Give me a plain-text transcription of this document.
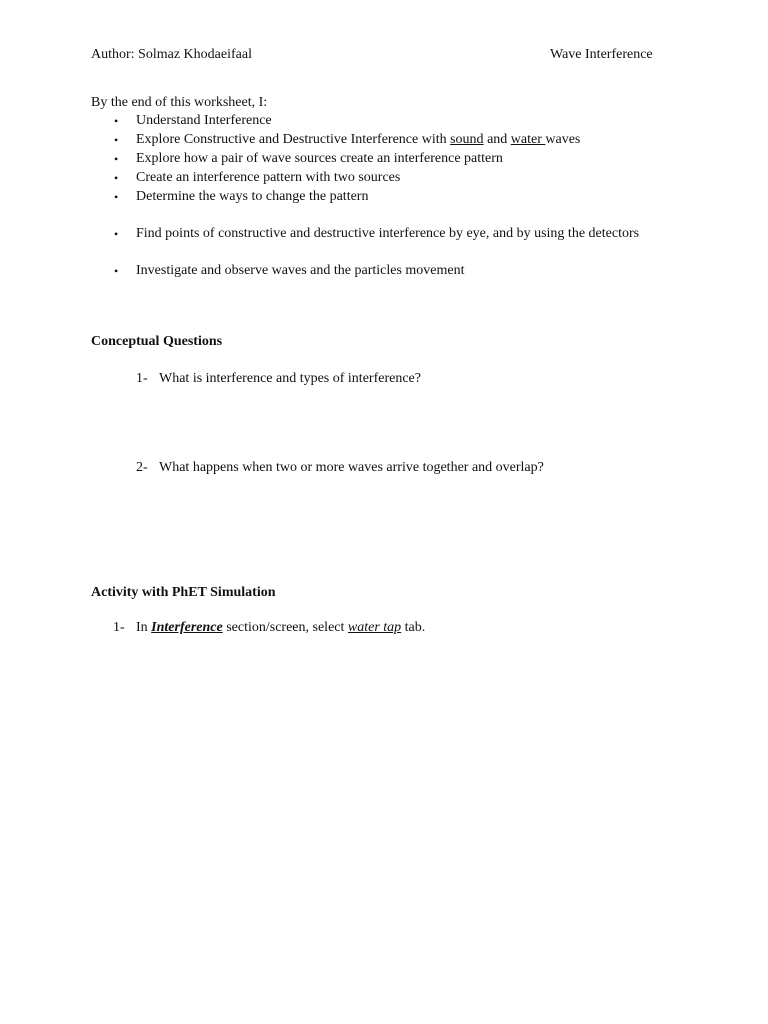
Author: Solmaz Khodaeifaal	Wave Interference
By the end of this worksheet, I:
• Understand Interference
• Explore Constructive and Destructive Interference with sound and water waves
• Explore how a pair of wave sources create an interference pattern
• Create an interference pattern with two sources
• Determine the ways to change the pattern
• Find points of constructive and destructive interference by eye, and by using the detectors
• Investigate and observe waves and the particles movement
Conceptual Questions
1- What is interference and types of interference?
2- What happens when two or more waves arrive together and overlap?
Activity with PhET Simulation
1- In Interference section/screen, select water tap tab.
